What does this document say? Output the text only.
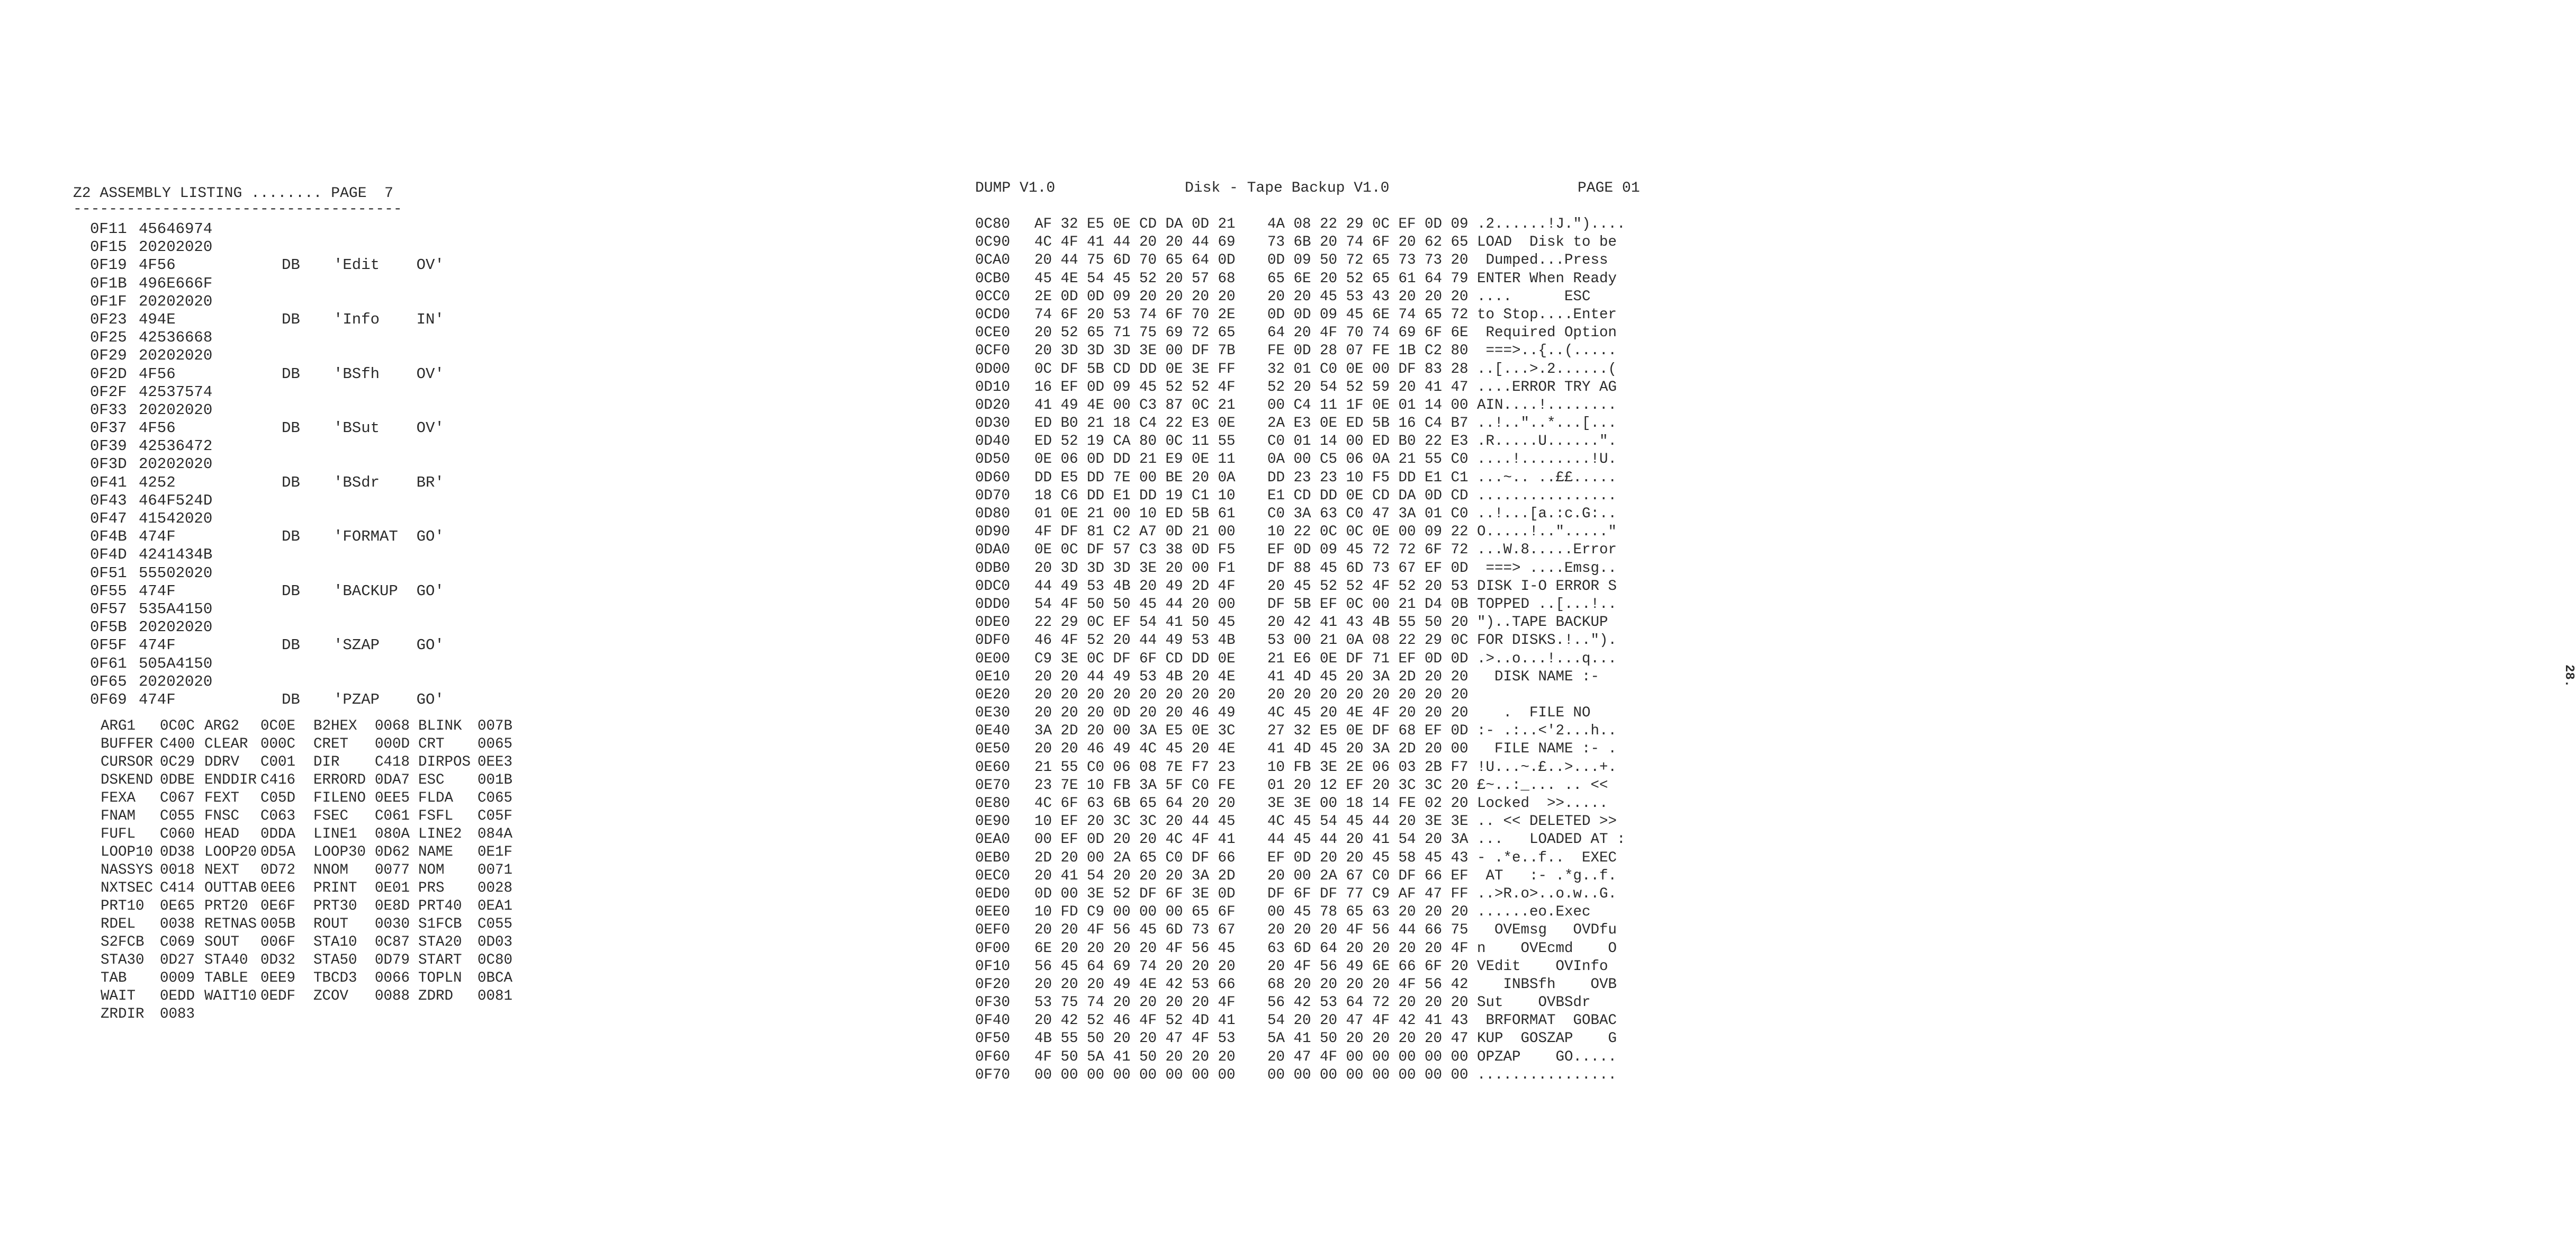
Z2 ASSEMBLY LISTING ........ PAGE  7
-------------------------------------
0F11 45646974
0F15 20202020
0F19 4F56	DB 'Edit    OV'
0F1B 496E666F
0F1F 20202020
0F23 494E	DB 'Info    IN'
0F25 42536668
0F29 20202020
0F2D 4F56	DB 'BSfh    OV'
0F2F 42537574
0F33 20202020
0F37 4F56	DB 'BSut    OV'
0F39 42536472
0F3D 20202020
0F41 4252	DB 'BSdr    BR'
0F43 464F524D
0F47 41542020
0F4B 474F	DB 'FORMAT  GO'
0F4D 4241434B
0F51 55502020
0F55 474F	DB 'BACKUP  GO'
0F57 535A4150
0F5B 20202020
0F5F 474F	DB 'SZAP    GO'
0F61 505A4150
0F65 20202020
0F69 474F	DB 'PZAP    GO'
ARG1 0C0C ARG2 0C0E B2HEX 0068 BLINK 007B
BUFFER C400 CLEAR 000C CRET 000D CRT 0065
CURSOR 0C29 DDRV C001 DIR C418 DIRPOS 0EE3
DSKEND 0DBE ENDDIR C416 ERRORD 0DA7 ESC 001B
FEXA C067 FEXT C05D FILENO 0EE5 FLDA C065
FNAM C055 FNSC C063 FSEC C061 FSFL C05F
FUFL C060 HEAD 0DDA LINE1 080A LINE2 084A
LOOP10 0D38 LOOP20 0D5A LOOP30 0D62 NAME 0E1F
NASSYS 0018 NEXT 0D72 NNOM 0077 NOM 0071
NXTSEC C414 OUTTAB 0EE6 PRINT 0E01 PRS 0028
PRT10 0E65 PRT20 0E6F PRT30 0E8D PRT40 0EA1
RDEL 0038 RETNAS 005B ROUT 0030 S1FCB C055
S2FCB C069 SOUT 006F STA10 0C87 STA20 0D03
STA30 0D27 STA40 0D32 STA50 0D79 START 0C80
TAB 0009 TABLE 0EE9 TBCD3 0066 TOPLN 0BCA
WAIT 0EDD WAIT10 0EDF ZCOV 0088 ZDRD 0081
ZRDIR 0083
DUMP V1.0	Disk - Tape Backup V1.0	PAGE 01
28.
0C80 AF 32 E5 0E CD DA 0D 21 4A 08 22 29 0C EF 0D 09 .2......!J.")....
0C90 4C 4F 41 44 20 20 44 69 73 6B 20 74 6F 20 62 65 LOAD  Disk to be
0CA0 20 44 75 6D 70 65 64 0D 0D 09 50 72 65 73 73 20 Dumped...Press
0CB0 45 4E 54 45 52 20 57 68 65 6E 20 52 65 61 64 79 ENTER When Ready
0CC0 2E 0D 0D 09 20 20 20 20 20 20 45 53 43 20 20 20 ....      ESC
0CD0 74 6F 20 53 74 6F 70 2E 0D 0D 09 45 6E 74 65 72 to Stop....Enter
0CE0 20 52 65 71 75 69 72 65 64 20 4F 70 74 69 6F 6E Required Option
0CF0 20 3D 3D 3D 3E 00 DF 7B FE 0D 28 07 FE 1B C2 80 ===>..{..(.....
0D00 0C DF 5B CD DD 0E 3E FF 32 01 C0 0E 00 DF 83 28 ..[...>.2......(
0D10 16 EF 0D 09 45 52 52 4F 52 20 54 52 59 20 41 47 ....ERROR TRY AG
0D20 41 49 4E 00 C3 87 0C 21 00 C4 11 1F 0E 01 14 00 AIN....!........
0D30 ED B0 21 18 C4 22 E3 0E 2A E3 0E ED 5B 16 C4 B7 ..!.."..*...[...
0D40 ED 52 19 CA 80 0C 11 55 C0 01 14 00 ED B0 22 E3 .R.....U......".
0D50 0E 06 0D DD 21 E9 0E 11 0A 00 C5 06 0A 21 55 C0 ....!........!U.
0D60 DD E5 DD 7E 00 BE 20 0A DD 23 23 10 F5 DD E1 C1 ...~.. ..££.....
0D70 18 C6 DD E1 DD 19 C1 10 E1 CD DD 0E CD DA 0D CD ................
0D80 01 0E 21 00 10 ED 5B 61 C0 3A 63 C0 47 3A 01 C0 ..!...[a.:c.G:..
0D90 4F DF 81 C2 A7 0D 21 00 10 22 0C 0C 0E 00 09 22 O.....!.."....."
0DA0 0E 0C DF 57 C3 38 0D F5 EF 0D 09 45 72 72 6F 72 ...W.8.....Error
0DB0 20 3D 3D 3D 3E 20 00 F1 DF 88 45 6D 73 67 EF 0D ===> ....Emsg..
0DC0 44 49 53 4B 20 49 2D 4F 20 45 52 52 4F 52 20 53 DISK I-O ERROR S
0DD0 54 4F 50 50 45 44 20 00 DF 5B EF 0C 00 21 D4 0B TOPPED ..[...!..
0DE0 22 29 0C EF 54 41 50 45 20 42 41 43 4B 55 50 20 ")..TAPE BACKUP
0DF0 46 4F 52 20 44 49 53 4B 53 00 21 0A 08 22 29 0C FOR DISKS.!..").
0E00 C9 3E 0C DF 6F CD DD 0E 21 E6 0E DF 71 EF 0D 0D .>..o...!...q...
0E10 20 20 44 49 53 4B 20 4E 41 4D 45 20 3A 2D 20 20 DISK NAME :-
0E20 20 20 20 20 20 20 20 20 20 20 20 20 20 20 20 20
0E30 20 20 20 0D 20 20 46 49 4C 45 20 4E 4F 20 20 20 .  FILE NO
0E40 3A 2D 20 00 3A E5 0E 3C 27 32 E5 0E DF 68 EF 0D :- .:..<'2...h..
0E50 20 20 46 49 4C 45 20 4E 41 4D 45 20 3A 2D 20 00 FILE NAME :- .
0E60 21 55 C0 06 08 7E F7 23 10 FB 3E 2E 06 03 2B F7 !U...~.£..>...+.
0E70 23 7E 10 FB 3A 5F C0 FE 01 20 12 EF 20 3C 3C 20 £~..:_... .. <<
0E80 4C 6F 63 6B 65 64 20 20 3E 3E 00 18 14 FE 02 20 Locked  >>.....
0E90 10 EF 20 3C 3C 20 44 45 4C 45 54 45 44 20 3E 3E .. << DELETED >>
0EA0 00 EF 0D 20 20 4C 4F 41 44 45 44 20 41 54 20 3A ...   LOADED AT :
0EB0 2D 20 00 2A 65 C0 DF 66 EF 0D 20 20 45 58 45 43 - .*e..f..  EXEC
0EC0 20 41 54 20 20 20 3A 2D 20 00 2A 67 C0 DF 66 EF AT   :- .*g..f.
0ED0 0D 00 3E 52 DF 6F 3E 0D DF 6F DF 77 C9 AF 47 FF ..>R.o>..o.w..G.
0EE0 10 FD C9 00 00 00 65 6F 00 45 78 65 63 20 20 20 ......eo.Exec
0EF0 20 20 4F 56 45 6D 73 67 20 20 20 4F 56 44 66 75 OVEmsg   OVDfu
0F00 6E 20 20 20 20 4F 56 45 63 6D 64 20 20 20 20 4F n    OVEcmd    O
0F10 56 45 64 69 74 20 20 20 20 4F 56 49 6E 66 6F 20 VEdit    OVInfo
0F20 20 20 20 49 4E 42 53 66 68 20 20 20 20 4F 56 42 INBSfh    OVB
0F30 53 75 74 20 20 20 20 4F 56 42 53 64 72 20 20 20 Sut    OVBSdr
0F40 20 42 52 46 4F 52 4D 41 54 20 20 47 4F 42 41 43 BRFORMAT  GOBAC
0F50 4B 55 50 20 20 47 4F 53 5A 41 50 20 20 20 20 47 KUP  GOSZAP    G
0F60 4F 50 5A 41 50 20 20 20 20 47 4F 00 00 00 00 00 OPZAP    GO.....
0F70 00 00 00 00 00 00 00 00 00 00 00 00 00 00 00 00 ................
